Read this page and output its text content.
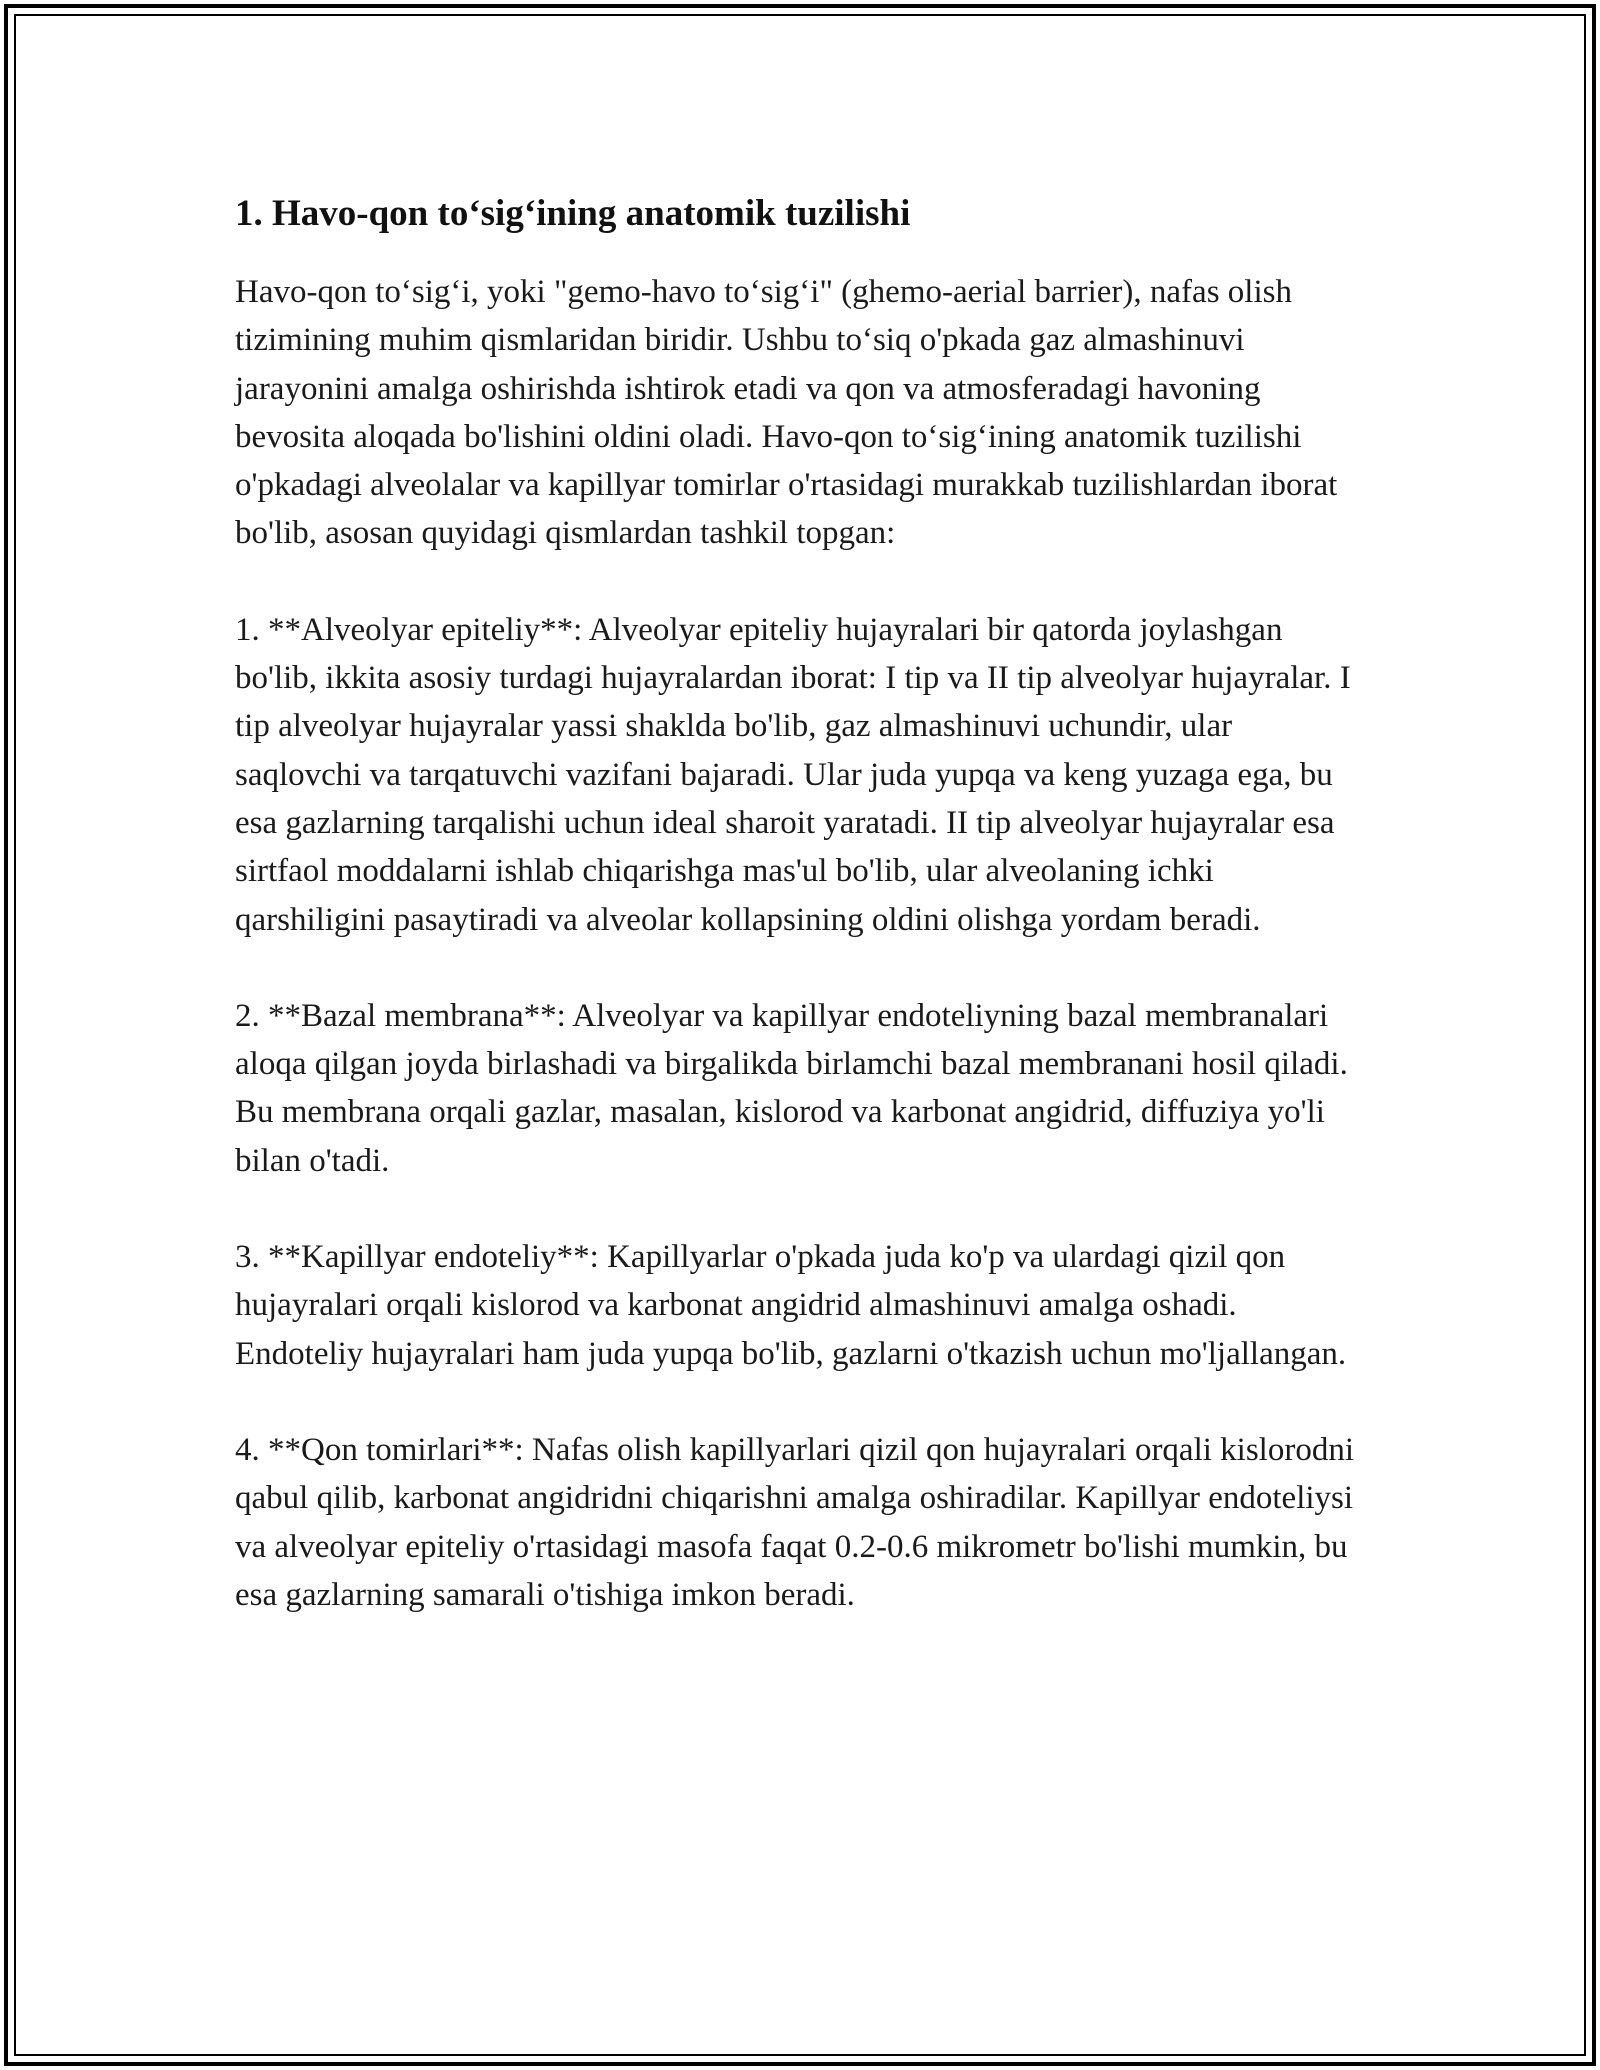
1. Havo-qon to‘sig‘ining anatomik tuzilishi

Havo-qon to‘sig‘i, yoki "gemo-havo to‘sig‘i" (ghemo-aerial barrier), nafas olish tizimining muhim qismlaridan biridir. Ushbu to‘siq o'pkada gaz almashinuvi jarayonini amalga oshirishda ishtirok etadi va qon va atmosferadagi havoning bevosita aloqada bo'lishini oldini oladi. Havo-qon to‘sig‘ining anatomik tuzilishi o'pkadagi alveolalar va kapillyar tomirlar o'rtasidagi murakkab tuzilishlardan iborat bo'lib, asosan quyidagi qismlardan tashkil topgan:

1. **Alveolyar epiteliy**: Alveolyar epiteliy hujayralari bir qatorda joylashgan bo'lib, ikkita asosiy turdagi hujayralardan iborat: I tip va II tip alveolyar hujayralar. I tip alveolyar hujayralar yassi shaklda bo'lib, gaz almashinuvi uchundir, ular saqlovchi va tarqatuvchi vazifani bajaradi. Ular juda yupqa va keng yuzaga ega, bu esa gazlarning tarqalishi uchun ideal sharoit yaratadi. II tip alveolyar hujayralar esa sirtfaol moddalarni ishlab chiqarishga mas'ul bo'lib, ular alveolaning ichki qarshiligini pasaytiradi va alveolar kollapsining oldini olishga yordam beradi.

2. **Bazal membrana**: Alveolyar va kapillyar endoteliyning bazal membranalari aloqa qilgan joyda birlashadi va birgalikda birlamchi bazal membranani hosil qiladi. Bu membrana orqali gazlar, masalan, kislorod va karbonat angidrid, diffuziya yo'li bilan o'tadi.

3. **Kapillyar endoteliy**: Kapillyarlar o'pkada juda ko'p va ulardagi qizil qon hujayralari orqali kislorod va karbonat angidrid almashinuvi amalga oshadi. Endoteliy hujayralari ham juda yupqa bo'lib, gazlarni o'tkazish uchun mo'ljallangan.

4. **Qon tomirlari**: Nafas olish kapillyarlari qizil qon hujayralari orqali kislorodni qabul qilib, karbonat angidridni chiqarishni amalga oshiradilar. Kapillyar endoteliysi va alveolyar epiteliy o'rtasidagi masofa faqat 0.2-0.6 mikrometr bo'lishi mumkin, bu esa gazlarning samarali o'tishiga imkon beradi.
